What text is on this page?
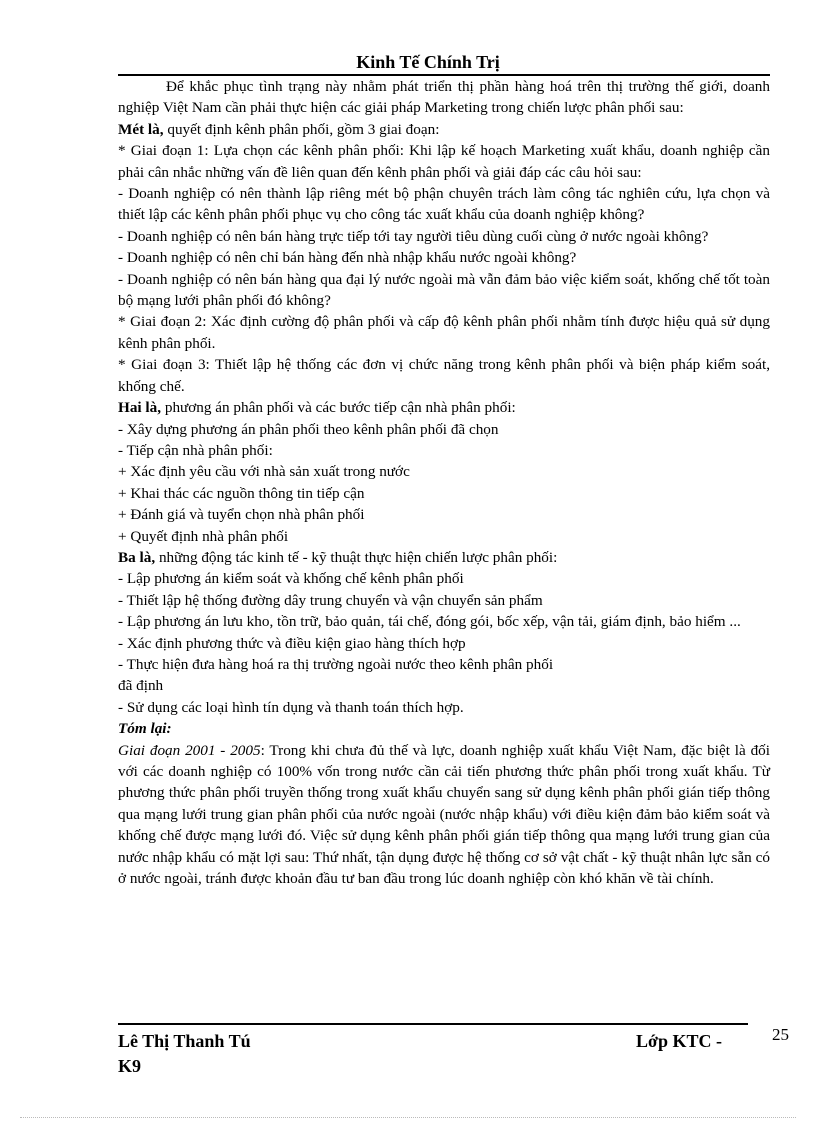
Kinh Tế Chính Trị

Để khắc phục tình trạng này nhằm phát triển thị phần hàng hoá trên thị trường thế giới, doanh nghiệp Việt Nam cần phải thực hiện các giải pháp Marketing trong chiến lược phân phối sau:

Mét là, quyết định kênh phân phối, gồm 3 giai đoạn:

* Giai đoạn 1: Lựa chọn các kênh phân phối: Khi lập kế hoạch Marketing xuất khẩu, doanh nghiệp cần phải cân nhắc những vấn đề liên quan đến kênh phân phối và giải đáp các câu hỏi sau:

- Doanh nghiệp có nên thành lập riêng mét bộ phận chuyên trách làm công tác nghiên cứu, lựa chọn và thiết lập các kênh phân phối phục vụ cho công tác xuất khẩu của doanh nghiệp không?

- Doanh nghiệp có nên bán hàng trực tiếp tới tay người tiêu dùng cuối cùng ở nước ngoài không?

- Doanh nghiệp có nên chỉ bán hàng đến nhà nhập khẩu nước ngoài không?

- Doanh nghiệp có nên bán hàng qua đại lý nước ngoài mà vẫn đảm bảo việc kiểm soát, khống chế tốt toàn bộ mạng lưới phân phối đó không?

* Giai đoạn 2: Xác định cường độ phân phối và cấp độ kênh phân phối nhằm tính được hiệu quả sử dụng kênh phân phối.

* Giai đoạn 3: Thiết lập hệ thống các đơn vị chức năng trong kênh phân phối và biện pháp kiểm soát, khống chế.

Hai là, phương án phân phối và các bước tiếp cận nhà phân phối:

- Xây dựng phương án phân phối theo kênh phân phối đã chọn

- Tiếp cận nhà phân phối:

+ Xác định yêu cầu với nhà sản xuất trong nước

+ Khai thác các nguồn thông tin tiếp cận

+ Đánh giá và tuyển chọn nhà phân phối

+ Quyết định nhà phân phối

Ba là, những động tác kinh tế - kỹ thuật thực hiện chiến lược phân phối:

- Lập phương án kiểm soát và khống chế kênh phân phối

- Thiết lập hệ thống đường dây trung chuyển và vận chuyển sản phẩm

- Lập phương án lưu kho, tồn trữ, bảo quản, tái chế, đóng gói, bốc xếp, vận tải, giám định, bảo hiểm ...

- Xác định phương thức và điều kiện giao hàng thích hợp

- Thực hiện đưa hàng hoá ra thị trường ngoài nước theo kênh phân phối

đã định

- Sử dụng các loại hình tín dụng và thanh toán thích hợp.

Tóm lại:

Giai đoạn 2001 - 2005: Trong khi chưa đủ thế và lực, doanh nghiệp xuất khẩu Việt Nam, đặc biệt là đối với các doanh nghiệp có 100% vốn trong nước cần cải tiến phương thức phân phối trong xuất khẩu. Từ phương thức phân phối truyền thống trong xuất khẩu chuyển sang sử dụng kênh phân phối gián tiếp thông qua mạng lưới trung gian phân phối của nước ngoài (nước nhập khẩu) với điều kiện đảm bảo kiểm soát và khống chế được mạng lưới đó. Việc sử dụng kênh phân phối gián tiếp thông qua mạng lưới trung gian của nước nhập khẩu có mặt lợi sau: Thứ nhất, tận dụng được hệ thống cơ sở vật chất - kỹ thuật nhân lực sẵn có ở nước ngoài, tránh được khoản đầu tư ban đầu trong lúc doanh nghiệp còn khó khăn về tài chính.

Lê Thị Thanh Tú
K9
Lớp KTC -	25
